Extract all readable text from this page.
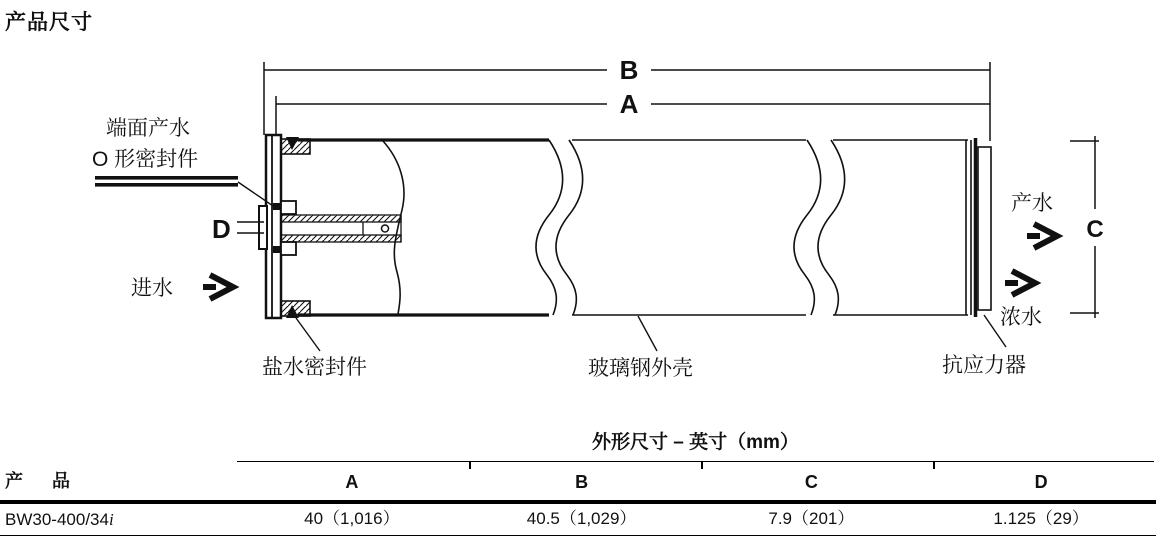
产品尺寸
B
A
端面产水
O 形密封件
D
进水
盐水密封件	玻璃钢外壳	抗应力器
产水
浓水
C
外形尺寸 – 英寸（mm）
产 品	A	B	C	D
BW30-400/34i	40（1,016）	40.5（1,029）	7.9（201）	1.125（29）
